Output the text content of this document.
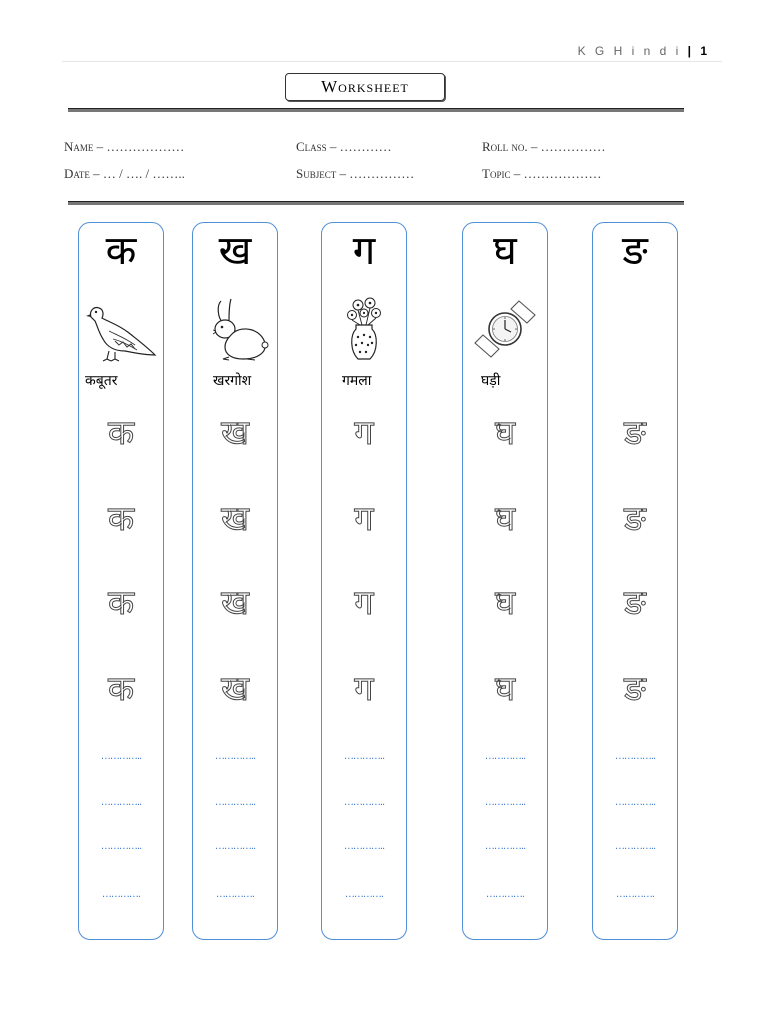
K G H i n d i | 1
Worksheet
Name – ………………	Class – …………	Roll no. – ……………
Date – … / …. / ……..	Subject – ……………	Topic – ………………
क
कबूतर
क
क
क
क
…………..
…………..
…………..
………….
ख
खरगोश
ख
ख
ख
ख
…………..
…………..
…………..
………….
ग
गमला
ग
ग
ग
ग
…………..
…………..
…………..
………….
घ
घड़ी
घ
घ
घ
घ
…………..
…………..
…………..
………….
ङ
ङ
ङ
ङ
ङ
…………..
…………..
…………..
………….
